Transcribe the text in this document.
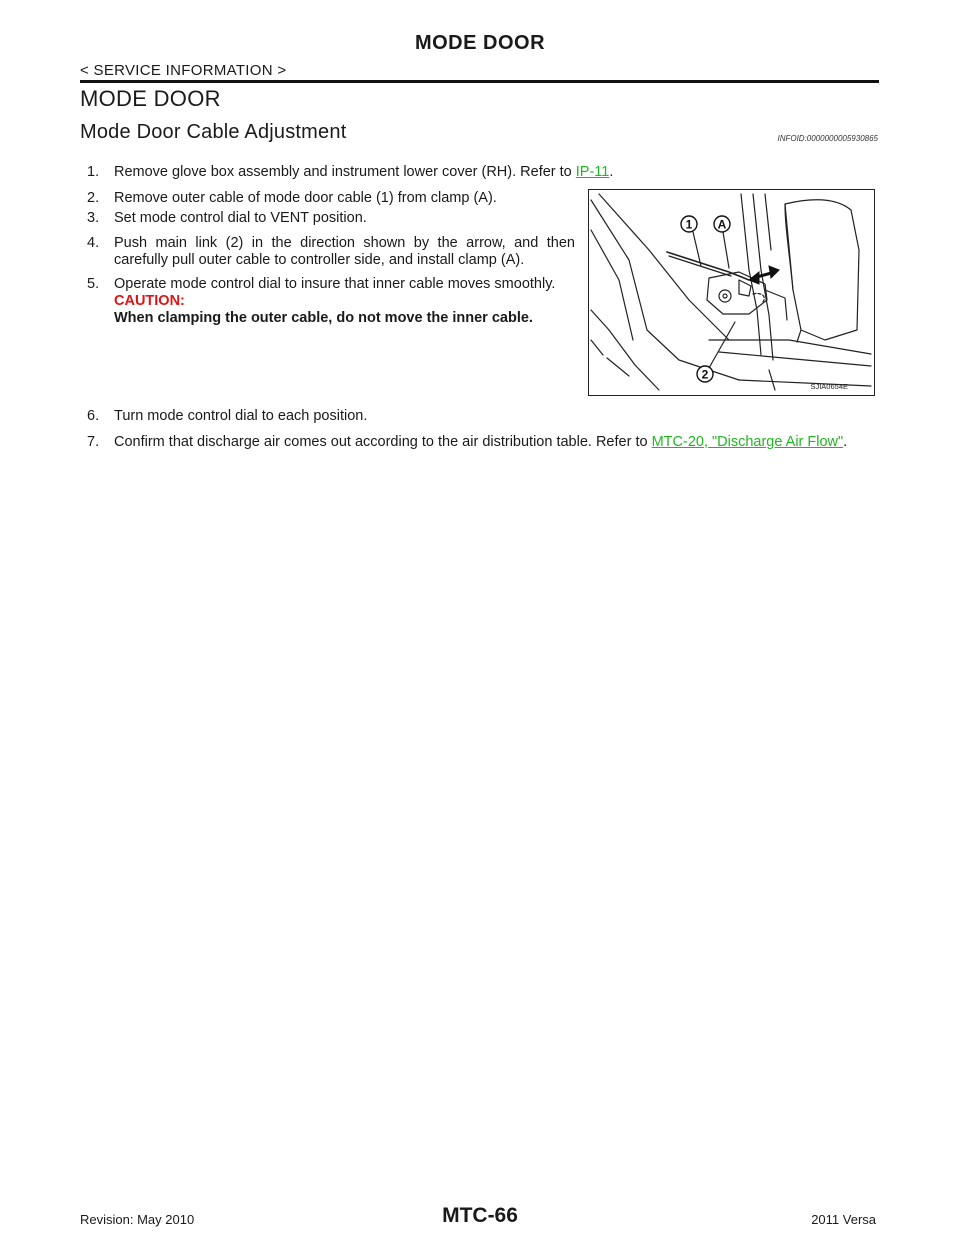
MODE DOOR
< SERVICE INFORMATION >
MODE DOOR
Mode Door Cable Adjustment	INFOID:0000000005930865
1. Remove glove box assembly and instrument lower cover (RH). Refer to IP-11.
2. Remove outer cable of mode door cable (1) from clamp (A).
3. Set mode control dial to VENT position.
4.	Push main link (2) in the direction shown by the arrow, and then carefully pull outer cable to controller side, and install clamp (A).
5.	Operate mode control dial to insure that inner cable moves smoothly.
CAUTION:
When clamping the outer cable, do not move the inner cable.
6. Turn mode control dial to each position.
7.	Confirm that discharge air comes out according to the air distribution table. Refer to MTC-20, "Discharge Air Flow".
1 A
2
SJIA0654E
Revision: May 2010	MTC-66	2011 Versa
